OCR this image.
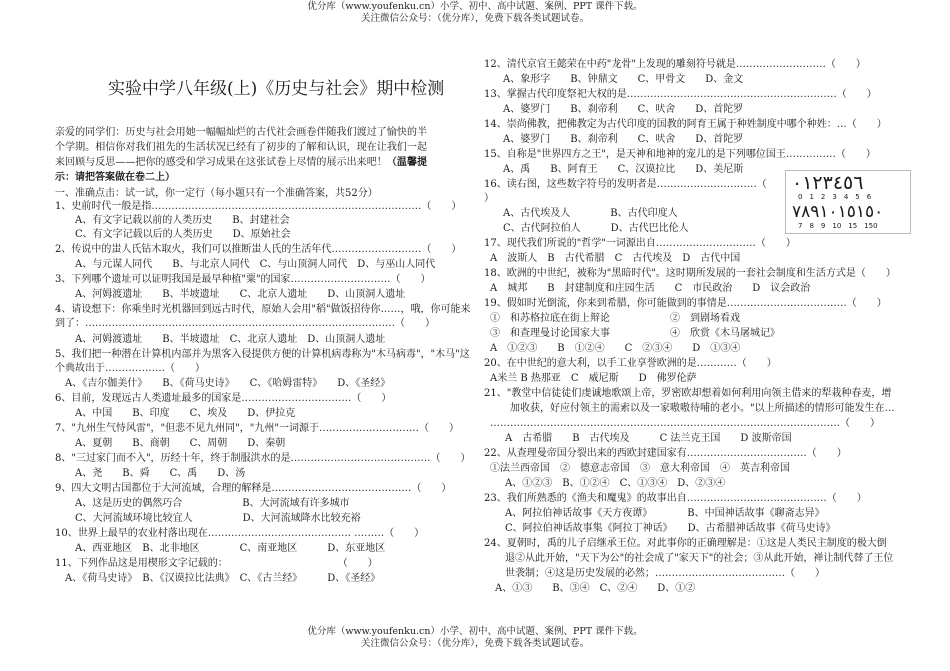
优分库（www.youfenku.cn）小学、初中、高中试题、案例、PPT 课件下载。
关注微信公众号：（优分库），免费下载各类试题试卷。
实验中学八年级(上)《历史与社会》期中检测
亲爱的同学们：历史与社会用她一幅幅灿烂的古代社会画卷伴随我们渡过了愉快的半个学期。相信你对我们祖先的生活状况已经有了初步的了解和认识，现在让我们一起来回顾与反思——把你的感受和学习成果在这张试卷上尽情的展示出来吧！（温馨提示：请把答案做在卷二上）
一、准确点击：试一试，你一定行（每小题只有一个准确答案，共52分）
1、史前时代一般是指………………………………………………………………………（　　）
A、有文字记载以前的人类历史　　B、封建社会
C、有文字记载以后的人类历史　　D、原始社会
2、传说中的蚩人氏钻木取火，我们可以推断蚩人氏的生活年代………………………（　　）
A、与元谋人同代　　B、与北京人同代　C、与山顶洞人同代　D、与巫山人同代
3、下列哪个遗址可以证明我国是最早种植"粟"的国家…………………………（　　）
A、河姆渡遗址　　B、半坡遗址　　C、北京人遗址　　D、山顶洞人遗址
4、请设想下：你乘坐时光机器回到远古时代，原始人会用"稻"做饭招待你……，哦，你可能来
到了：…………………………………………………………………………………（　　）
A、河姆渡遗址　　B、半坡遗址　C、北京人遗址　D、山顶洞人遗址
5、我们把一种潜在计算机内部并为黑客入侵提供方便的计算机病毒称为"木马病毒"，"木马"这
个典故出于………………（　　）
A、《吉尔伽美什》　　B、《荷马史诗》　　C、《哈姆雷特》　　D、《圣经》
6、目前，发现远古人类遗址最多的国家是……………………………（　　）
A、中国　　B、印度　　C、埃及　　D、伊拉克
7、"九州生气恃风雷"，"但悲不见九州同"，"九州"一词源于…………………………（　　）
A、夏朝　　B、商朝　　C、周朝　　D、秦朝
8、"三过家门而不入"，历经十年，终于制服洪水的是……………………………………（　　）
A、尧　　B、舜　　C、禹　　D、汤
9、四大文明古国都位于大河流域，合理的解释是……………………………………（　　）
A、这是历史的偶然巧合　　　　　　B、大河流域有许多城市
C、大河流域环境比较宜人　　　　　D、大河流域降水比较充裕
10、世界上最早的农业村落出现在……………………………………. ………（　　）
A、西亚地区　B、北非地区　　　　C、南亚地区　　　D、东亚地区
11、下列作品这是用楔形文字记载的：　　　　　　　　　　　　（　　）
A、《荷马史诗》　B、《汉谟拉比法典》　C、《古兰经》　　　D、《圣经》
12、清代京官王懿荣在中药"龙骨"上发现的雕刻符号就是………………………（　　）
A、象形字　　B、钟鼎文　　C、甲骨文　　D、金文
13、掌握古代印度祭祀大权的是………………………………………………………（　　）
A、婆罗门　　B、刹帝利　　C、吠舍　　D、首陀罗
14、崇尚佛教，把佛教定为古代印度的国教的阿育王属于种姓制度中哪个种姓：…（　　）
A、婆罗门　　B、刹帝利　　C、吠舍　　D、首陀罗
15、自称是"世界四方之王"，是天神和地神的宠儿的是下列哪位国王……………（　　）
A、禹　　B、阿育王　　C、汉谟拉比　　D、美尼斯
16、读右图，这些数字符号的发明者是…………………………（
）
A、古代埃及人　　　　B、古代印度人
C、古代阿拉伯人　　　D、古代巴比伦人
17、现代我们所说的"哲学"一词源出自…………………………（　　）
A　波斯人　B　古代希腊　C　古代埃及　D　古代中国
18、欧洲的中世纪，被称为"黑暗时代"。这时期所发展的一套社会制度和生活方式是（　　）
A　城邦　　B　封建制度和庄园生活　　C　市民政治　　D　议会政治
19、假如时光倒流，你来到希腊，你可能做到的事情是………………………………（　　）
①　和苏格拉底在街上辩论　　　　　　②　到剧场看戏
③　和查理曼讨论国家大事　　　　　　④　欣赏《木马屠城记》
A　①②③　　B　①②④　　C　②③④　　D　①③④
20、在中世纪的意大利，以手工业享誉欧洲的是…………（　　）
A米兰 B 热那亚　C　威尼斯　　D　佛罗伦萨
21、"教堂中信徒徒们虔诚地歌颂上帝，罗密欧却想着如何利用向领主借来的犁栽种春麦，增
加收获，好应付领主的需索以及一家嗷嗷待哺的老小。"以上所描述的情形可能发生在…
……………………………………………………………………………………………（　　）
A　古希腊　　B　古代埃及　　　C 法兰克王国　　D 波斯帝国
22、从查理曼帝国分裂出来的西欧封建国家有………………………………（　　）
①法兰西帝国　②　德意志帝国　③　意大利帝国　④　英吉利帝国
A、①②③　B、①②④　C、①③④　D、②③④
23、我们所熟悉的《渔夫和魔鬼》的故事出自……………………………………（　　）
A、阿拉伯神话故事《天方夜谭》　　　　B、中国神话故事《聊斋志异》
C、阿拉伯神话故事集《阿拉丁神话》　　D、古希腊神话故事《荷马史诗》
24、夏朝时，禹的儿子启继承王位。对此事你的正确理解是：①这是人类民主制度的极大倒
退②从此开始，"天下为公"的社会成了"家天下"的社会；③从此开始，禅让制代替了王位
世袭制；④这是历史发展的必然；…………………………………（　　）
A、①③　　B、③④　C、②④　　D、①②
٠١٢٣٤٥٦
0　1　2　3　4　5　6
٧٨٩١٠١٥١٥٠
7　8　9　10　15　150
优分库（www.youfenku.cn）小学、初中、高中试题、案例、PPT 课件下载。
关注微信公众号：（优分库），免费下载各类试题试卷。
